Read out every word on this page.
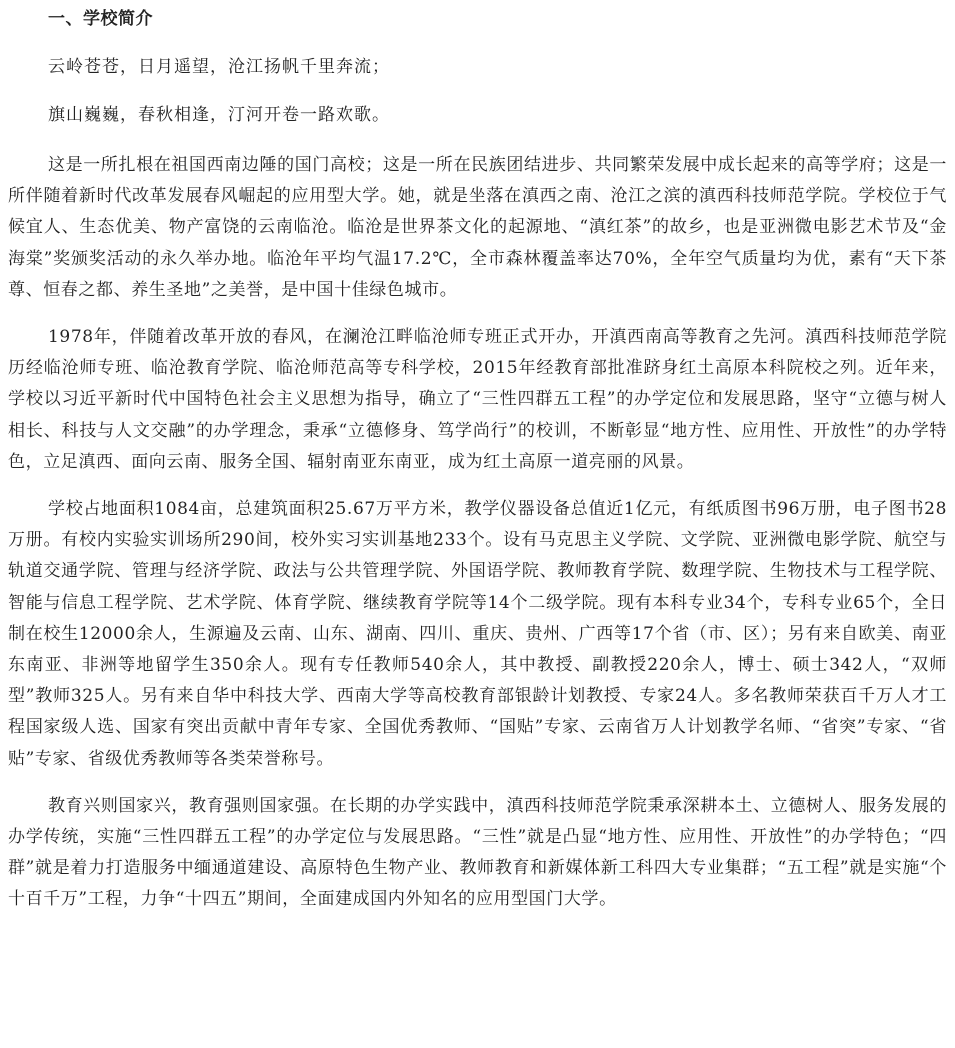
一、学校简介
云岭苍苍，日月遥望，沧江扬帆千里奔流；
旗山巍巍，春秋相逢，汀河开卷一路欢歌。

这是一所扎根在祖国西南边陲的国门高校；这是一所在民族团结进步、共同繁荣发展中成长起来的高等学府；这是一所伴随着新时代改革发展春风崛起的应用型大学。她，就是坐落在滇西之南、沧江之滨的滇西科技师范学院。学校位于气候宜人、生态优美、物产富饶的云南临沧。临沧是世界茶文化的起源地、“滇红茶”的故乡，也是亚洲微电影艺术节及“金海棠”奖颁奖活动的永久举办地。临沧年平均气温17.2℃，全市森林覆盖率达70%，全年空气质量均为优，素有“天下茶尊、恒春之都、养生圣地”之美誉，是中国十佳绿色城市。

1978年，伴随着改革开放的春风，在澜沧江畔临沧师专班正式开办，开滇西南高等教育之先河。滇西科技师范学院历经临沧师专班、临沧教育学院、临沧师范高等专科学校，2015年经教育部批准跻身红土高原本科院校之列。近年来，学校以习近平新时代中国特色社会主义思想为指导，确立了“三性四群五工程”的办学定位和发展思路，坚守“立德与树人相长、科技与人文交融”的办学理念，秉承“立德修身、笃学尚行”的校训，不断彰显“地方性、应用性、开放性”的办学特色，立足滇西、面向云南、服务全国、辐射南亚东南亚，成为红土高原一道亮丽的风景。

学校占地面积1084亩，总建筑面积25.67万平方米，教学仪器设备总值近1亿元，有纸质图书96万册，电子图书28万册。有校内实验实训场所290间，校外实习实训基地233个。设有马克思主义学院、文学院、亚洲微电影学院、航空与轨道交通学院、管理与经济学院、政法与公共管理学院、外国语学院、教师教育学院、数理学院、生物技术与工程学院、智能与信息工程学院、艺术学院、体育学院、继续教育学院等14个二级学院。现有本科专业34个，专科专业65个，全日制在校生12000余人，生源遍及云南、山东、湖南、四川、重庆、贵州、广西等17个省（市、区）；另有来自欧美、南亚东南亚、非洲等地留学生350余人。现有专任教师540余人，其中教授、副教授220余人，博士、硕士342人，“双师型”教师325人。另有来自华中科技大学、西南大学等高校教育部银龄计划教授、专家24人。多名教师荣获百千万人才工程国家级人选、国家有突出贡献中青年专家、全国优秀教师、“国贴”专家、云南省万人计划教学名师、“省突”专家、“省贴”专家、省级优秀教师等各类荣誉称号。

教育兴则国家兴，教育强则国家强。在长期的办学实践中，滇西科技师范学院秉承深耕本土、立德树人、服务发展的办学传统，实施“三性四群五工程”的办学定位与发展思路。“三性”就是凸显“地方性、应用性、开放性”的办学特色；“四群”就是着力打造服务中缅通道建设、高原特色生物产业、教师教育和新媒体新工科四大专业集群；“五工程”就是实施“个十百千万”工程，力争“十四五”期间，全面建成国内外知名的应用型国门大学。
